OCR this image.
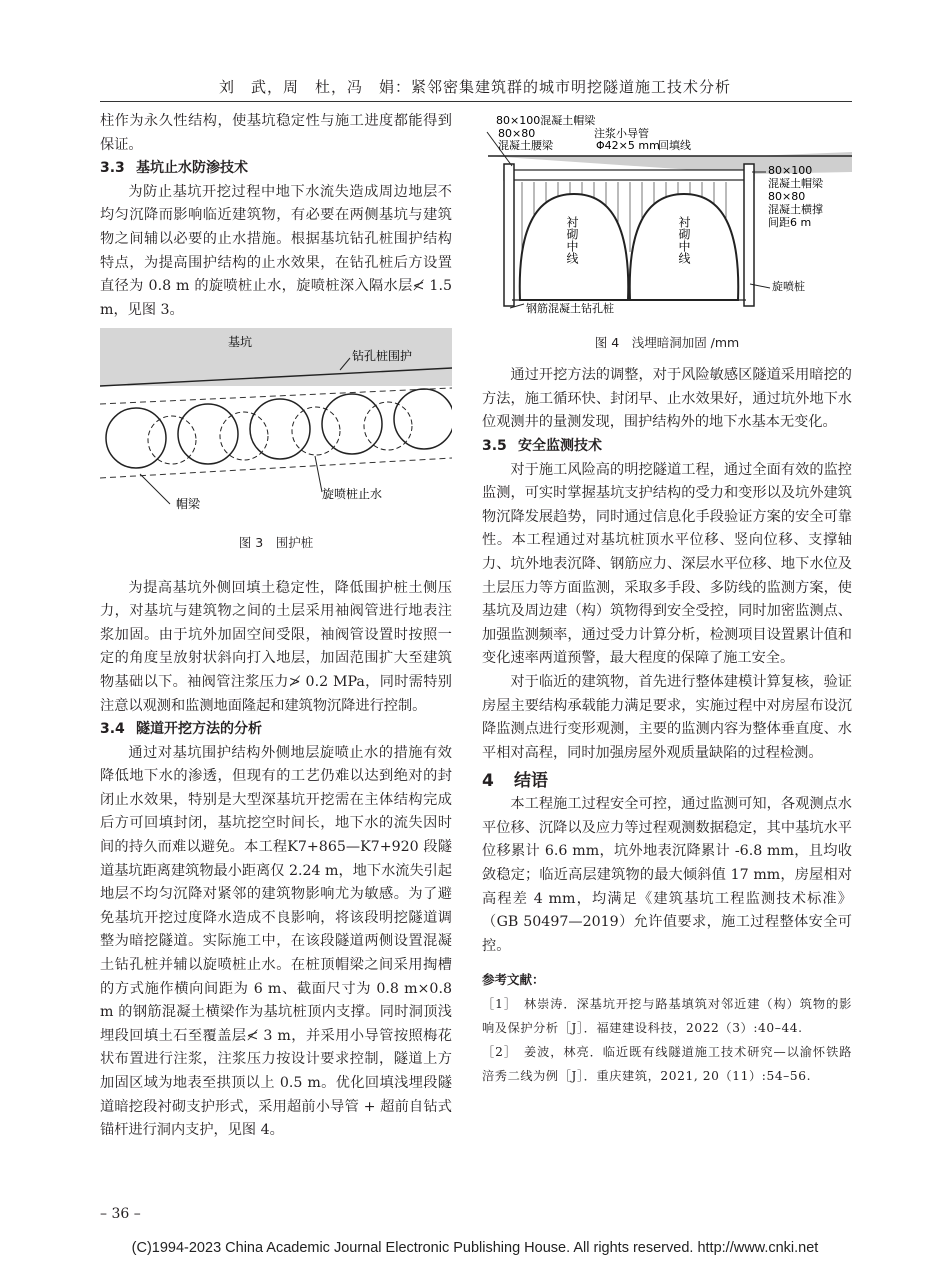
刘　武，周　杜，冯　娟：紧邻密集建筑群的城市明挖隧道施工技术分析

柱作为永久性结构，使基坑稳定性与施工进度都能得到保证。

3.3 基坑止水防渗技术

为防止基坑开挖过程中地下水流失造成周边地层不均匀沉降而影响临近建筑物，有必要在两侧基坑与建筑物之间辅以必要的止水措施。根据基坑钻孔桩围护结构特点，为提高围护结构的止水效果，在钻孔桩后方设置直径为 0.8 m 的旋喷桩止水，旋喷桩深入隔水层≮ 1.5 m，见图 3。

基坑
钻孔桩围护
旋喷桩止水
帽梁
图 3　围护桩

为提高基坑外侧回填土稳定性，降低围护桩土侧压力，对基坑与建筑物之间的土层采用袖阀管进行地表注浆加固。由于坑外加固空间受限，袖阀管设置时按照一定的角度呈放射状斜向打入地层，加固范围扩大至建筑物基础以下。袖阀管注浆压力≯ 0.2 MPa，同时需特别注意以观测和监测地面隆起和建筑物沉降进行控制。

3.4 隧道开挖方法的分析

通过对基坑围护结构外侧地层旋喷止水的措施有效降低地下水的渗透，但现有的工艺仍难以达到绝对的封闭止水效果，特别是大型深基坑开挖需在主体结构完成后方可回填封闭，基坑挖空时间长，地下水的流失因时间的持久而难以避免。本工程K7+865—K7+920 段隧道基坑距离建筑物最小距离仅 2.24 m，地下水流失引起地层不均匀沉降对紧邻的建筑物影响尤为敏感。为了避免基坑开挖过度降水造成不良影响，将该段明挖隧道调整为暗挖隧道。实际施工中，在该段隧道两侧设置混凝土钻孔桩并辅以旋喷桩止水。在桩顶帽梁之间采用掏槽的方式施作横向间距为 6 m、截面尺寸为 0.8 m×0.8 m 的钢筋混凝土横梁作为基坑桩顶内支撑。同时洞顶浅埋段回填土石至覆盖层≮ 3 m，并采用小导管按照梅花状布置进行注浆，注浆压力按设计要求控制，隧道上方加固区域为地表至拱顶以上 0.5 m。优化回填浅埋段隧道暗挖段衬砌支护形式，采用超前小导管 + 超前自钻式锚杆进行洞内支护，见图 4。

80×100混凝土帽梁
80×80
混凝土腰梁
注浆小导管
Φ42×5 mm
回填线
80×100
混凝土帽梁
80×80
混凝土横撑
间距6 m
衬砌中线	衬砌中线
旋喷桩
钢筋混凝土钻孔桩
图 4　浅埋暗洞加固 /mm

通过开挖方法的调整，对于风险敏感区隧道采用暗挖的方法，施工循环快、封闭早、止水效果好，通过坑外地下水位观测井的量测发现，围护结构外的地下水基本无变化。

3.5 安全监测技术

对于施工风险高的明挖隧道工程，通过全面有效的监控监测，可实时掌握基坑支护结构的受力和变形以及坑外建筑物沉降发展趋势，同时通过信息化手段验证方案的安全可靠性。本工程通过对基坑桩顶水平位移、竖向位移、支撑轴力、坑外地表沉降、钢筋应力、深层水平位移、地下水位及土层压力等方面监测，采取多手段、多防线的监测方案，使基坑及周边建（构）筑物得到安全受控，同时加密监测点、加强监测频率，通过受力计算分析，检测项目设置累计值和变化速率两道预警，最大程度的保障了施工安全。

对于临近的建筑物，首先进行整体建模计算复核，验证房屋主要结构承载能力满足要求，实施过程中对房屋布设沉降监测点进行变形观测，主要的监测内容为整体垂直度、水平相对高程，同时加强房屋外观质量缺陷的过程检测。

4 结语

本工程施工过程安全可控，通过监测可知，各观测点水平位移、沉降以及应力等过程观测数据稳定，其中基坑水平位移累计 6.6 mm，坑外地表沉降累计 -6.8 mm，且均收敛稳定；临近高层建筑物的最大倾斜值 17 mm，房屋相对高程差 4 mm，均满足《建筑基坑工程监测技术标准》（GB 50497—2019）允许值要求，施工过程整体安全可控。

参考文献：

［1］　林崇涛．深基坑开挖与路基填筑对邻近建（构）筑物的影响及保护分析［J］．福建建设科技，2022（3）:40–44.

［2］　姜波，林亮．临近既有线隧道施工技术研究—以渝怀铁路涪秀二线为例［J］．重庆建筑，2021, 20（11）:54–56.

– 36 –
(C)1994-2023 China Academic Journal Electronic Publishing House. All rights reserved. http://www.cnki.net
